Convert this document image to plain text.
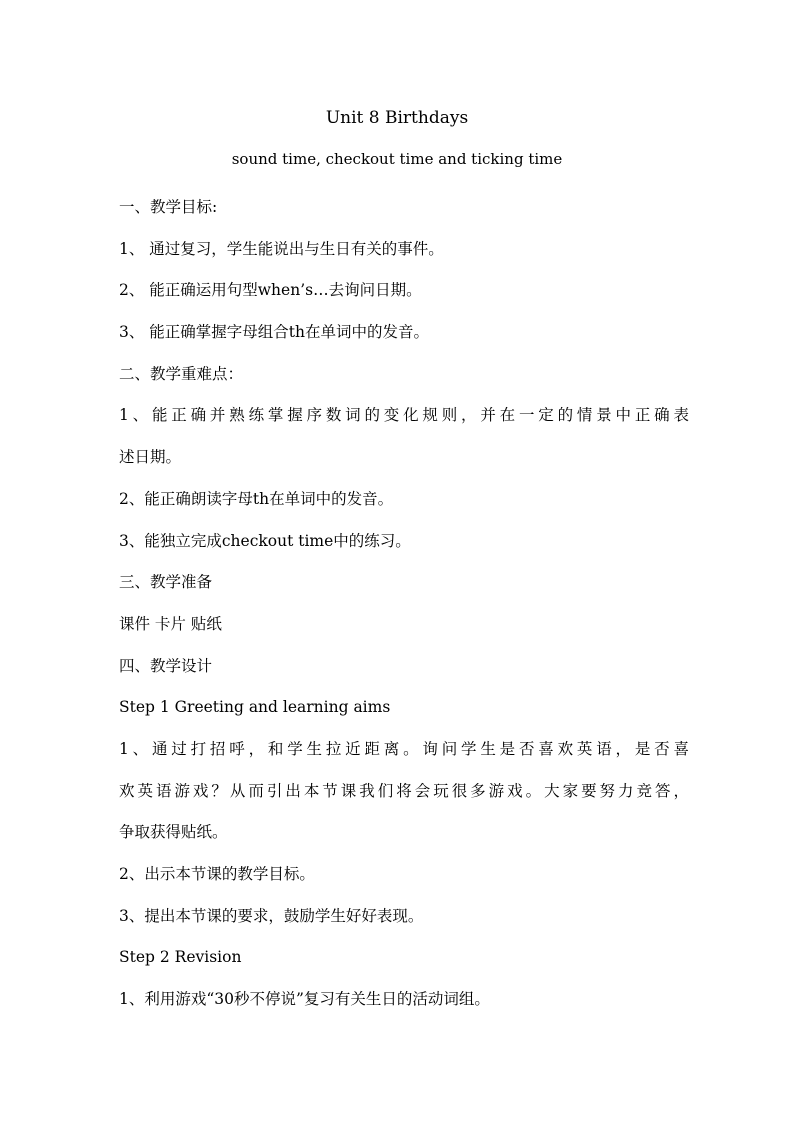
Unit 8 Birthdays
sound time, checkout time and ticking time
一、教学目标:
1、 通过复习，学生能说出与生日有关的事件。
2、 能正确运用句型when’s…去询问日期。
3、 能正确掌握字母组合th在单词中的发音。
二、教学重难点：
1、能正确并熟练掌握序数词的变化规则，并在一定的情景中正确表
述日期。
2、能正确朗读字母th在单词中的发音。
3、能独立完成checkout time中的练习。
三、教学准备
课件 卡片 贴纸
四、教学设计
Step 1 Greeting and learning aims
1、通过打招呼，和学生拉近距离。询问学生是否喜欢英语，是否喜
欢英语游戏？从而引出本节课我们将会玩很多游戏。大家要努力竞答，
争取获得贴纸。
2、出示本节课的教学目标。
3、提出本节课的要求，鼓励学生好好表现。
Step 2 Revision
1、利用游戏“30秒不停说”复习有关生日的活动词组。
